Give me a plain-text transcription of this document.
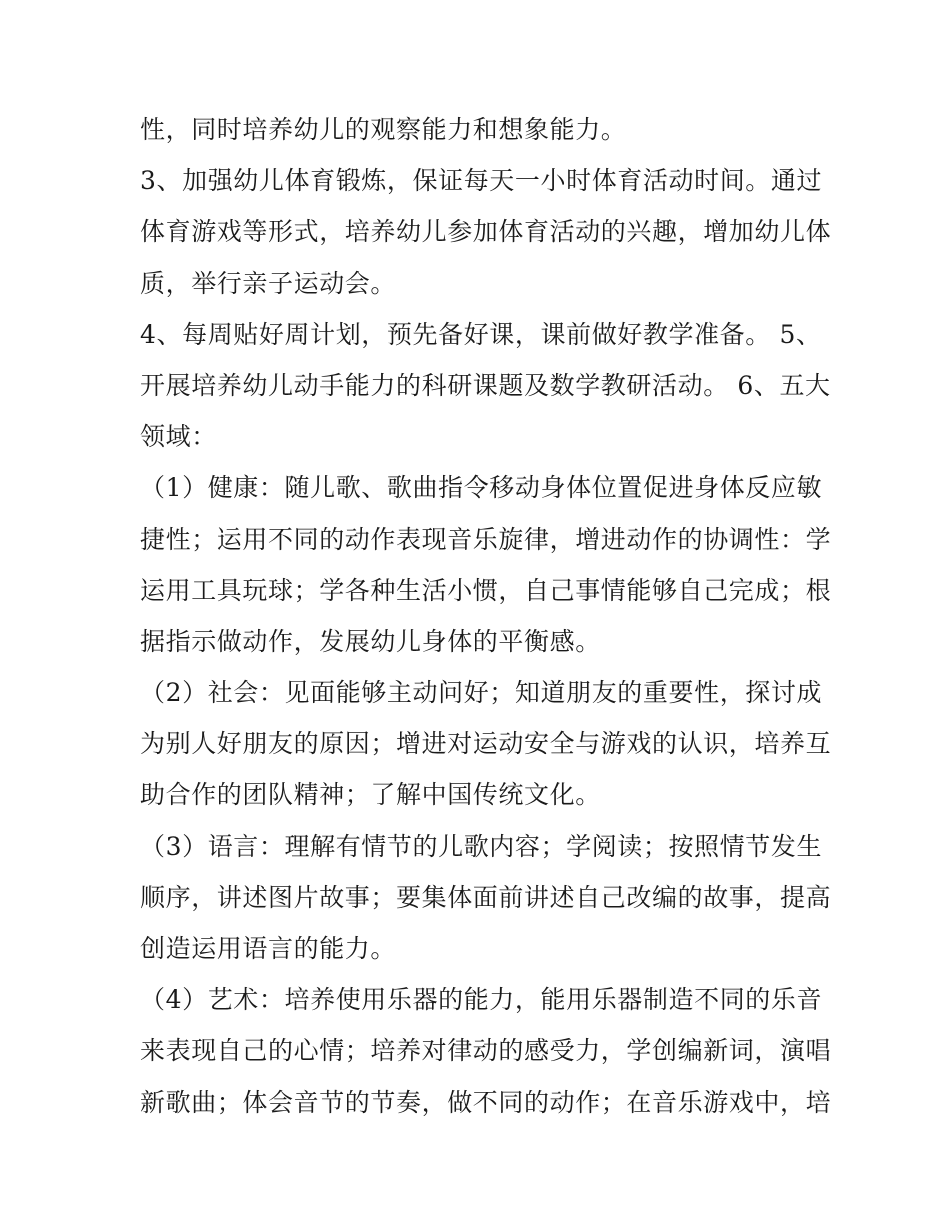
性，同时培养幼儿的观察能力和想象能力。
3、加强幼儿体育锻炼，保证每天一小时体育活动时间。通过
体育游戏等形式，培养幼儿参加体育活动的兴趣，增加幼儿体
质，举行亲子运动会。
4、每周贴好周计划，预先备好课，课前做好教学准备。 5、
开展培养幼儿动手能力的科研课题及数学教研活动。 6、五大
领域：
（1）健康：随儿歌、歌曲指令移动身体位置促进身体反应敏
捷性；运用不同的动作表现音乐旋律，增进动作的协调性：学
运用工具玩球；学各种生活小惯，自己事情能够自己完成；根
据指示做动作，发展幼儿身体的平衡感。
（2）社会：见面能够主动问好；知道朋友的重要性，探讨成
为别人好朋友的原因；增进对运动安全与游戏的认识，培养互
助合作的团队精神；了解中国传统文化。
（3）语言：理解有情节的儿歌内容；学阅读；按照情节发生
顺序，讲述图片故事；要集体面前讲述自己改编的故事，提高
创造运用语言的能力。
（4）艺术：培养使用乐器的能力，能用乐器制造不同的乐音
来表现自己的心情；培养对律动的感受力，学创编新词，演唱
新歌曲；体会音节的节奏，做不同的动作；在音乐游戏中，培
